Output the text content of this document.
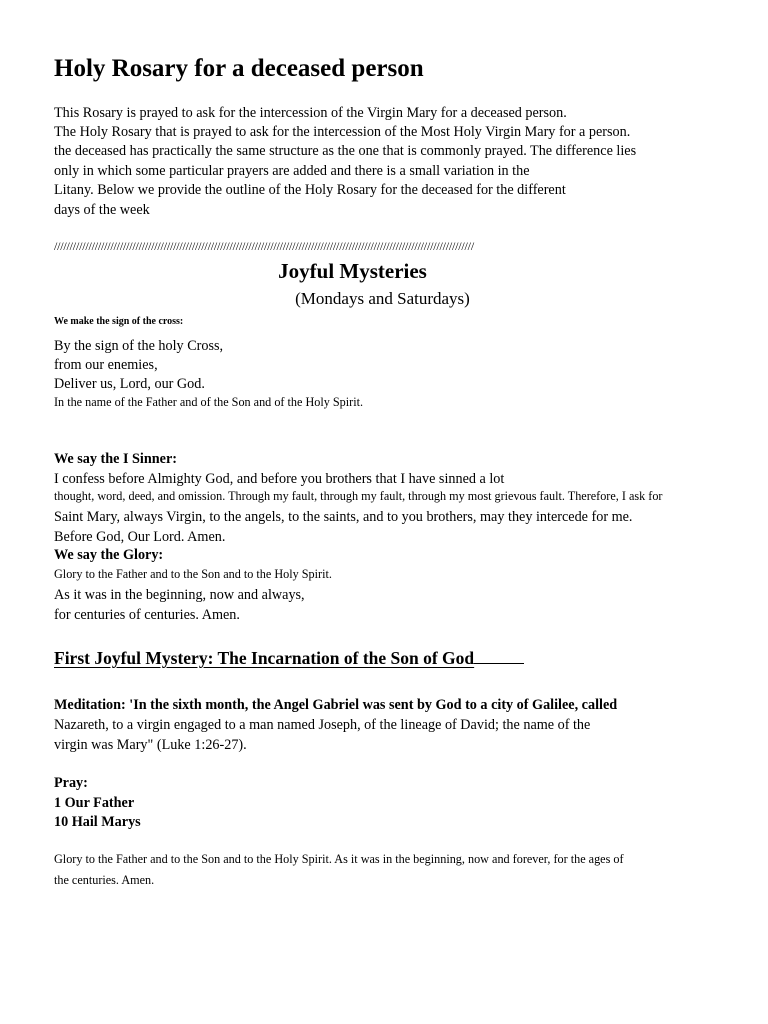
Holy Rosary for a deceased person
This Rosary is prayed to ask for the intercession of the Virgin Mary for a deceased person.
The Holy Rosary that is prayed to ask for the intercession of the Most Holy Virgin Mary for a person.
the deceased has practically the same structure as the one that is commonly prayed. The difference lies
only in which some particular prayers are added and there is a small variation in the
Litany. Below we provide the outline of the Holy Rosary for the deceased for the different
days of the week
//////////////////////////////////////////////////////////////////////////////////////////////////////////////////////////////////////
Joyful Mysteries
(Mondays and Saturdays)
We make the sign of the cross:
By the sign of the holy Cross,
from our enemies,
Deliver us, Lord, our God.
In the name of the Father and of the Son and of the Holy Spirit.
We say the I Sinner:
I confess before Almighty God, and before you brothers that I have sinned a lot
thought, word, deed, and omission. Through my fault, through my fault, through my most grievous fault. Therefore, I ask for
Saint Mary, always Virgin, to the angels, to the saints, and to you brothers, may they intercede for me.
Before God, Our Lord. Amen.
We say the Glory:
Glory to the Father and to the Son and to the Holy Spirit.
As it was in the beginning, now and always,
for centuries of centuries. Amen.
First Joyful Mystery: The Incarnation of the Son of God
Meditation: 'In the sixth month, the Angel Gabriel was sent by God to a city of Galilee, called
Nazareth, to a virgin engaged to a man named Joseph, of the lineage of David; the name of the
virgin was Mary" (Luke 1:26-27).
Pray:
1 Our Father
10 Hail Marys
Glory to the Father and to the Son and to the Holy Spirit. As it was in the beginning, now and forever, for the ages of
the centuries. Amen.
